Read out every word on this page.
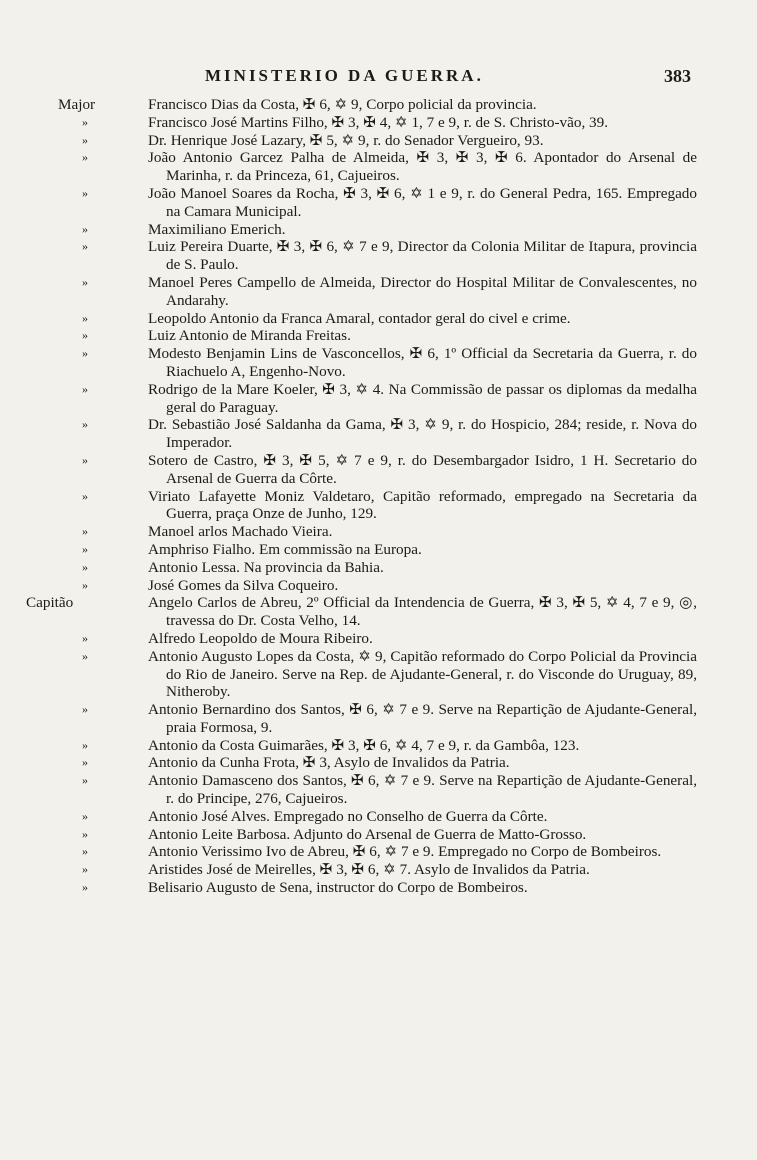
MINISTERIO DA GUERRA.	383
Major	Francisco Dias da Costa, ✠ 6, ✡ 9, Corpo policial da provincia.
»	Francisco José Martins Filho, ✠ 3, ✠ 4, ✡ 1, 7 e 9, r. de S. Christo-vão, 39.
»	Dr. Henrique José Lazary, ✠ 5, ✡ 9, r. do Senador Vergueiro, 93.
»	João Antonio Garcez Palha de Almeida, ✠ 3, ✠ 3, ✠ 6. Apontador do Arsenal de Marinha, r. da Princeza, 61, Cajueiros.
»	João Manoel Soares da Rocha, ✠ 3, ✠ 6, ✡ 1 e 9, r. do General Pedra, 165. Empregado na Camara Municipal.
»	Maximiliano Emerich.
»	Luiz Pereira Duarte, ✠ 3, ✠ 6, ✡ 7 e 9, Director da Colonia Militar de Itapura, provincia de S. Paulo.
»	Manoel Peres Campello de Almeida, Director do Hospital Militar de Convalescentes, no Andarahy.
»	Leopoldo Antonio da Franca Amaral, contador geral do civel e crime.
»	Luiz Antonio de Miranda Freitas.
»	Modesto Benjamin Lins de Vasconcellos, ✠ 6, 1º Official da Secretaria da Guerra, r. do Riachuelo A, Engenho-Novo.
»	Rodrigo de la Mare Koeler, ✠ 3, ✡ 4. Na Commissão de passar os diplomas da medalha geral do Paraguay.
»	Dr. Sebastião José Saldanha da Gama, ✠ 3, ✡ 9, r. do Hospicio, 284; reside, r. Nova do Imperador.
»	Sotero de Castro, ✠ 3, ✠ 5, ✡ 7 e 9, r. do Desembargador Isidro, 1 H. Secretario do Arsenal de Guerra da Côrte.
»	Viriato Lafayette Moniz Valdetaro, Capitão reformado, empregado na Secretaria da Guerra, praça Onze de Junho, 129.
»	Manoel arlos Machado Vieira.
»	Amphriso Fialho. Em commissão na Europa.
»	Antonio Lessa. Na provincia da Bahia.
»	José Gomes da Silva Coqueiro.
Capitão	Angelo Carlos de Abreu, 2º Official da Intendencia de Guerra, ✠ 3, ✠ 5, ✡ 4, 7 e 9, ◎, travessa do Dr. Costa Velho, 14.
»	Alfredo Leopoldo de Moura Ribeiro.
»	Antonio Augusto Lopes da Costa, ✡ 9, Capitão reformado do Corpo Policial da Provincia do Rio de Janeiro. Serve na Rep. de Ajudante-General, r. do Visconde do Uruguay, 89, Nitheroby.
»	Antonio Bernardino dos Santos, ✠ 6, ✡ 7 e 9. Serve na Repartição de Ajudante-General, praia Formosa, 9.
»	Antonio da Costa Guimarães, ✠ 3, ✠ 6, ✡ 4, 7 e 9, r. da Gambôa, 123.
»	Antonio da Cunha Frota, ✠ 3, Asylo de Invalidos da Patria.
»	Antonio Damasceno dos Santos, ✠ 6, ✡ 7 e 9. Serve na Repartição de Ajudante-General, r. do Principe, 276, Cajueiros.
»	Antonio José Alves. Empregado no Conselho de Guerra da Côrte.
»	Antonio Leite Barbosa. Adjunto do Arsenal de Guerra de Matto-Grosso.
»	Antonio Verissimo Ivo de Abreu, ✠ 6, ✡ 7 e 9. Empregado no Corpo de Bombeiros.
»	Aristides José de Meirelles, ✠ 3, ✠ 6, ✡ 7. Asylo de Invalidos da Patria.
»	Belisario Augusto de Sena, instructor do Corpo de Bombeiros.
